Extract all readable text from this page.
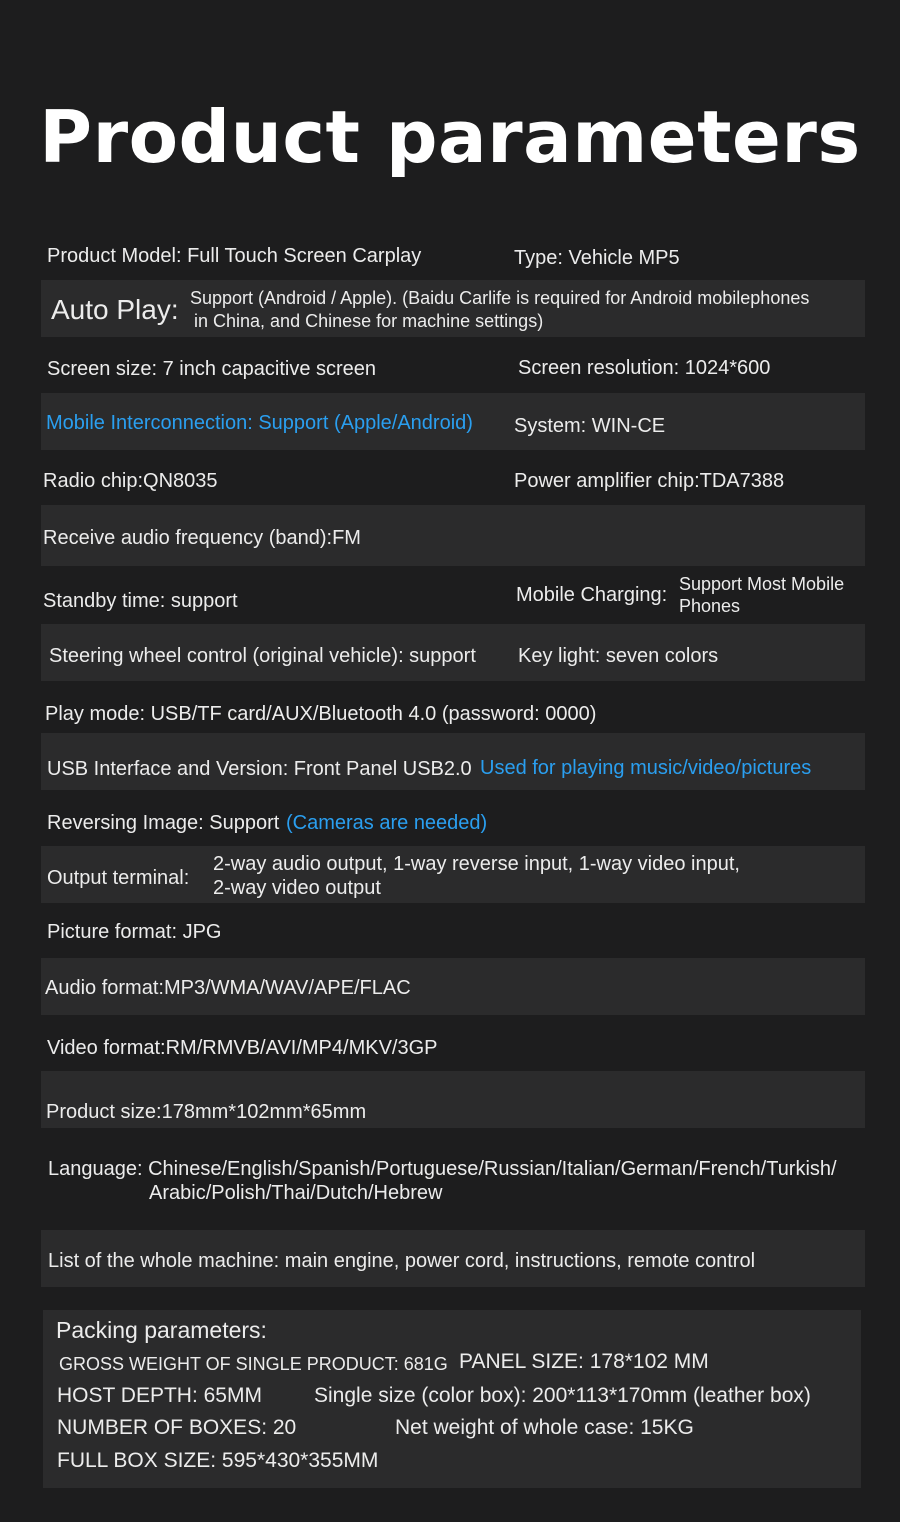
Product parameters
Product Model: Full Touch Screen Carplay	Type: Vehicle MP5
Auto Play: Support (Android / Apple). (Baidu Carlife is required for Android mobilephones
in China, and Chinese for machine settings)
Screen size: 7 inch capacitive screen	Screen resolution: 1024*600
Mobile Interconnection: Support (Apple/Android) System: WIN-CE
Radio chip:QN8035	Power amplifier chip:TDA7388
Receive audio frequency (band):FM
Standby time: support	Mobile Charging: Support Most Mobile
Phones
Steering wheel control (original vehicle): support Key light: seven colors
Play mode: USB/TF card/AUX/Bluetooth 4.0 (password: 0000)
USB Interface and Version: Front Panel USB2.0 Used for playing music/video/pictures
Reversing Image: Support (Cameras are needed)
Output terminal:
2-way audio output, 1-way reverse input, 1-way video input,
2-way video output
Picture format: JPG
Audio format:MP3/WMA/WAV/APE/FLAC
Video format:RM/RMVB/AVI/MP4/MKV/3GP
Product size:178mm*102mm*65mm
Language: Chinese/English/Spanish/Portuguese/Russian/Italian/German/French/Turkish/
Arabic/Polish/Thai/Dutch/Hebrew
List of the whole machine: main engine, power cord, instructions, remote control
Packing parameters:
GROSS WEIGHT OF SINGLE PRODUCT: 681G PANEL SIZE: 178*102 MM
HOST DEPTH: 65MM Single size (color box): 200*113*170mm (leather box)
NUMBER OF BOXES: 20	Net weight of whole case: 15KG
FULL BOX SIZE: 595*430*355MM
